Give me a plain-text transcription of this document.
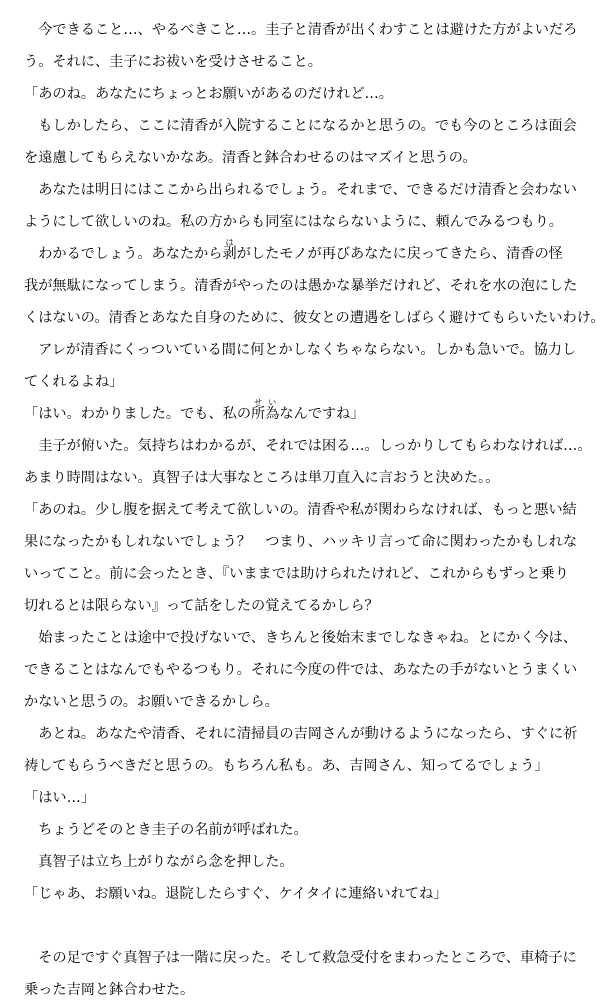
　今できること…、やるべきこと…。圭子と清香が出くわすことは避けた方がよいだろ
う。それに、圭子にお祓いを受けさせること。
「あのね。あなたにちょっとお願いがあるのだけれど…。
　もしかしたら、ここに清香が入院することになるかと思うの。でも今のところは面会
を遠慮してもらえないかなあ。清香と鉢合わせるのはマズイと思うの。
　あなたは明日にはここから出られるでしょう。それまで、できるだけ清香と会わない
ようにして欲しいのね。私の方からも同室にはならないように、頼んでみるつもり。
　わかるでしょう。あなたから剥はがしたモノが再びあなたに戻ってきたら、清香の怪
我が無駄になってしまう。清香がやったのは愚かな暴挙だけれど、それを水の泡にした
くはないの。清香とあなた自身のために、彼女との遭遇をしばらく避けてもらいたいわけ。
　アレが清香にくっついている間に何とかしなくちゃならない。しかも急いで。協力し
てくれるよね」
「はい。わかりました。でも、私の所為せいなんですね」
　圭子が俯いた。気持ちはわかるが、それでは困る…。しっかりしてもらわなければ…。
あまり時間はない。真智子は大事なところは単刀直入に言おうと決めた。。
「あのね。少し腹を据えて考えて欲しいの。清香や私が関わらなければ、もっと悪い結
果になったかもしれないでしょう？　つまり、ハッキリ言って命に関わったかもしれな
いってこと。前に会ったとき、『いままでは助けられたけれど、これからもずっと乗り
切れるとは限らない』って話をしたの覚えてるかしら？
　始まったことは途中で投げないで、きちんと後始末までしなきゃね。とにかく今は、
できることはなんでもやるつもり。それに今度の件では、あなたの手がないとうまくい
かないと思うの。お願いできるかしら。
　あとね。あなたや清香、それに清掃員の吉岡さんが動けるようになったら、すぐに祈
祷してもらうべきだと思うの。もちろん私も。あ、吉岡さん、知ってるでしょう」
「はい…」
　ちょうどそのとき圭子の名前が呼ばれた。
　真智子は立ち上がりながら念を押した。
「じゃあ、お願いね。退院したらすぐ、ケイタイに連絡いれてね」
　その足ですぐ真智子は一階に戻った。そして救急受付をまわったところで、車椅子に
乗った吉岡と鉢合わせた。
